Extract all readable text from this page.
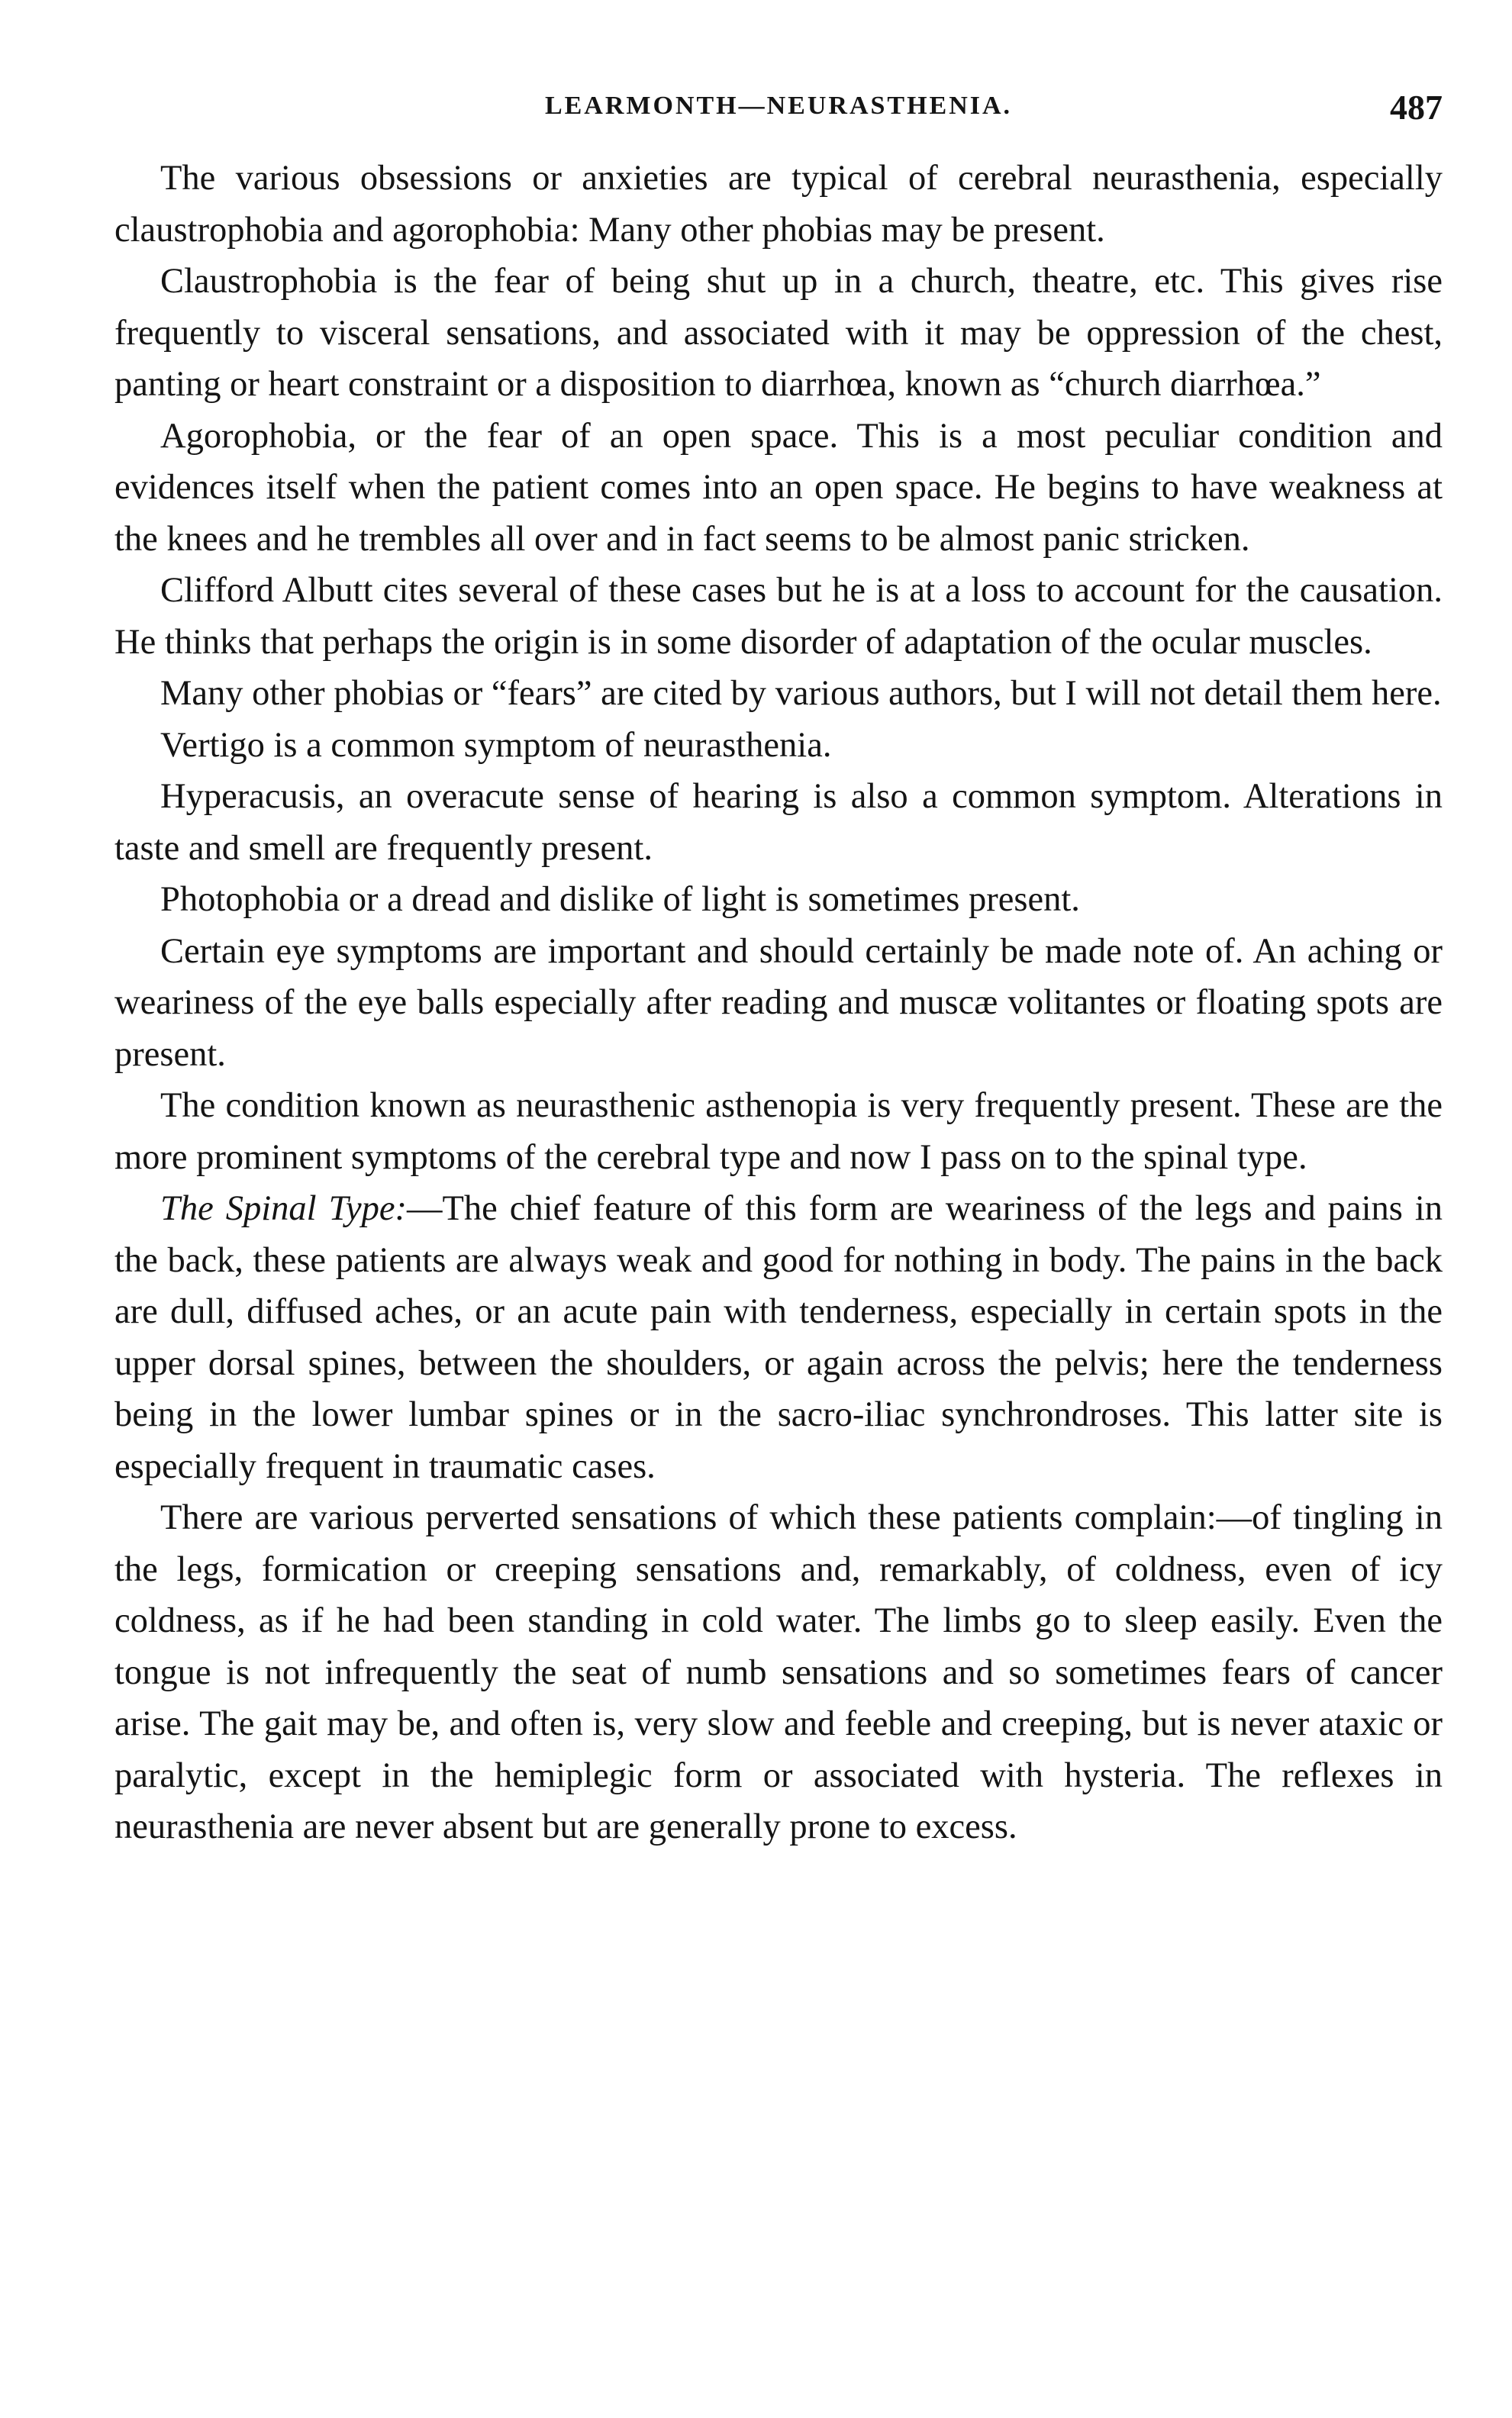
LEARMONTH—NEURASTHENIA.	487

The various obsessions or anxieties are typical of cerebral neurasthenia, especially claustrophobia and agorophobia: Many other phobias may be present.

Claustrophobia is the fear of being shut up in a church, theatre, etc. This gives rise frequently to visceral sensations, and associated with it may be oppression of the chest, panting or heart constraint or a disposition to diarrhœa, known as “church diarrhœa.”

Agorophobia, or the fear of an open space. This is a most peculiar condition and evidences itself when the patient comes into an open space. He begins to have weakness at the knees and he trembles all over and in fact seems to be almost panic stricken.

Clifford Albutt cites several of these cases but he is at a loss to account for the causation. He thinks that perhaps the origin is in some disorder of adaptation of the ocular muscles.

Many other phobias or “fears” are cited by various authors, but I will not detail them here.

Vertigo is a common symptom of neurasthenia.

Hyperacusis, an overacute sense of hearing is also a common symptom. Alterations in taste and smell are frequently present.

Photophobia or a dread and dislike of light is sometimes present.

Certain eye symptoms are important and should certainly be made note of. An aching or weariness of the eye balls especially after reading and muscæ volitantes or floating spots are present.

The condition known as neurasthenic asthenopia is very frequently present. These are the more prominent symptoms of the cerebral type and now I pass on to the spinal type.

The Spinal Type:—The chief feature of this form are weariness of the legs and pains in the back, these patients are always weak and good for nothing in body. The pains in the back are dull, diffused aches, or an acute pain with tenderness, especially in certain spots in the upper dorsal spines, between the shoulders, or again across the pelvis; here the tenderness being in the lower lumbar spines or in the sacro-iliac synchrondroses. This latter site is especially frequent in traumatic cases.

There are various perverted sensations of which these patients complain:—of tingling in the legs, formication or creeping sensations and, remarkably, of coldness, even of icy coldness, as if he had been standing in cold water. The limbs go to sleep easily. Even the tongue is not infrequently the seat of numb sensations and so sometimes fears of cancer arise. The gait may be, and often is, very slow and feeble and creeping, but is never ataxic or paralytic, except in the hemiplegic form or associated with hysteria. The reflexes in neurasthenia are never absent but are generally prone to excess.
